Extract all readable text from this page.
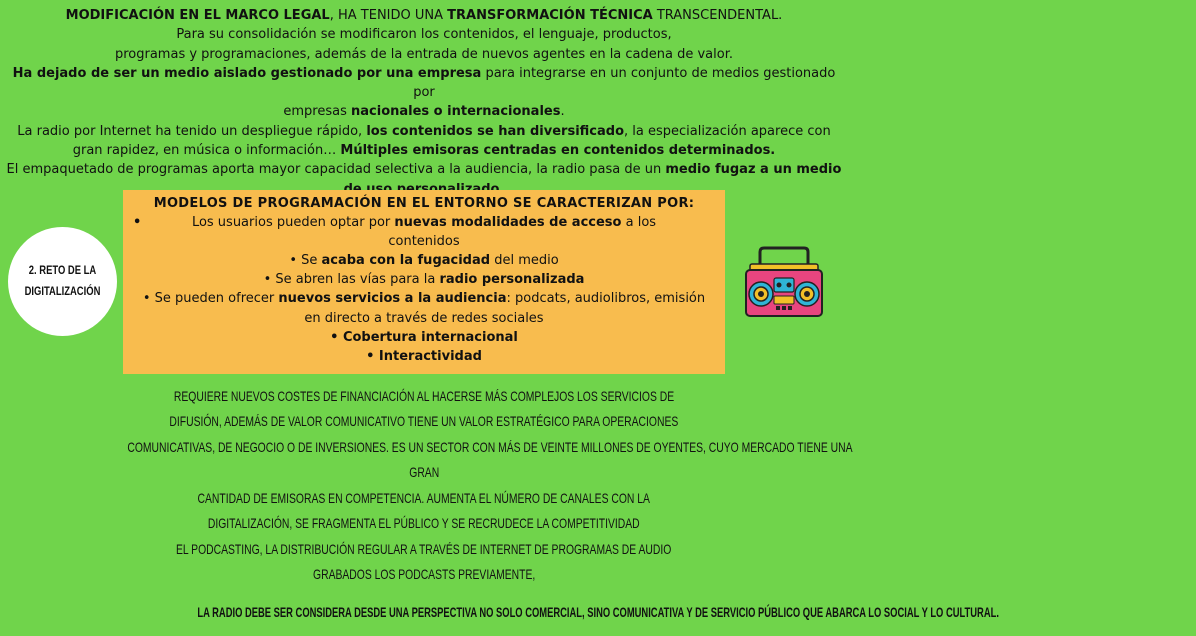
MODIFICACIÓN EN EL MARCO LEGAL, HA TENIDO UNA TRANSFORMACIÓN TÉCNICA TRANSCENDENTAL.
Para su consolidación se modificaron los contenidos, el lenguaje, productos,
programas y programaciones, además de la entrada de nuevos agentes en la cadena de valor.
Ha dejado de ser un medio aislado gestionado por una empresa para integrarse en un conjunto de medios gestionado por
empresas nacionales o internacionales.
La radio por Internet ha tenido un despliegue rápido, los contenidos se han diversificado, la especialización aparece con
gran rapidez, en música o información… Múltiples emisoras centradas en contenidos determinados.
El empaquetado de programas aporta mayor capacidad selectiva a la audiencia, la radio pasa de un medio fugaz a un medio
2. RETO DE LA
DIGITALIZACIÓN
MODELOS DE PROGRAMACIÓN EN EL ENTORNO SE CARACTERIZAN POR:
•	Los usuarios pueden optar por nuevas modalidades de acceso a los contenidos
• Se acaba con la fugacidad del medio
• Se abren las vías para la radio personalizada
• Se pueden ofrecer nuevos servicios a la audiencia: podcats, audiolibros, emisión en directo a través de redes sociales
• Cobertura internacional
• Interactividad
REQUIERE NUEVOS COSTES DE FINANCIACIÓN AL HACERSE MÁS COMPLEJOS LOS SERVICIOS DE
DIFUSIÓN, ADEMÁS DE VALOR COMUNICATIVO TIENE UN VALOR ESTRATÉGICO PARA OPERACIONES
COMUNICATIVAS, DE NEGOCIO O DE INVERSIONES. ES UN SECTOR CON MÁS DE VEINTE MILLONES DE OYENTES, CUYO MERCADO TIENE UNA
GRAN
CANTIDAD DE EMISORAS EN COMPETENCIA. AUMENTA EL NÚMERO DE CANALES CON LA
DIGITALIZACIÓN, SE FRAGMENTA EL PÚBLICO Y SE RECRUDECE LA COMPETITIVIDAD
EL PODCASTING, LA DISTRIBUCIÓN REGULAR A TRAVÉS DE INTERNET DE PROGRAMAS DE AUDIO
GRABADOS LOS PODCASTS PREVIAMENTE,
LA RADIO DEBE SER CONSIDERA DESDE UNA PERSPECTIVA NO SOLO COMERCIAL, SINO COMUNICATIVA Y DE SERVICIO PÚBLICO QUE ABARCA LO SOCIAL Y LO CULTURAL.
